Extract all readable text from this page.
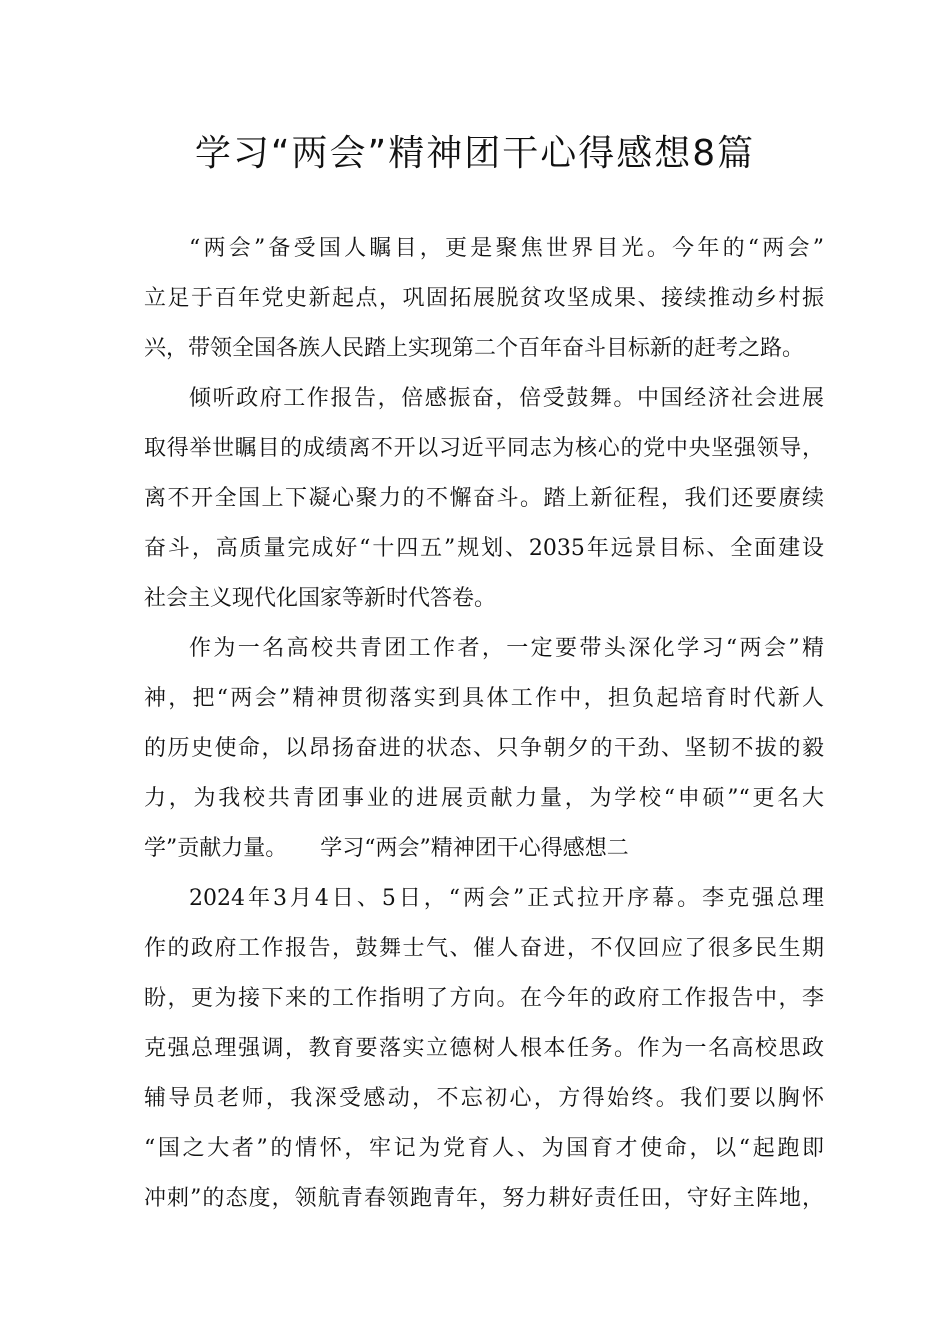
学习“两会”精神团干心得感想8篇
“两会”备受国人瞩目，更是聚焦世界目光。今年的“两会”
立足于百年党史新起点，巩固拓展脱贫攻坚成果、接续推动乡村振
兴，带领全国各族人民踏上实现第二个百年奋斗目标新的赶考之路。
倾听政府工作报告，倍感振奋，倍受鼓舞。中国经济社会进展
取得举世瞩目的成绩离不开以习近平同志为核心的党中央坚强领导，
离不开全国上下凝心聚力的不懈奋斗。踏上新征程，我们还要赓续
奋斗，高质量完成好“十四五”规划、2035年远景目标、全面建设
社会主义现代化国家等新时代答卷。
作为一名高校共青团工作者，一定要带头深化学习“两会”精
神，把“两会”精神贯彻落实到具体工作中，担负起培育时代新人
的历史使命，以昂扬奋进的状态、只争朝夕的干劲、坚韧不拔的毅
力，为我校共青团事业的进展贡献力量，为学校“申硕”“更名大
学”贡献力量。　　学习“两会”精神团干心得感想二
2024年3月4日、5日，“两会”正式拉开序幕。李克强总理
作的政府工作报告，鼓舞士气、催人奋进，不仅回应了很多民生期
盼，更为接下来的工作指明了方向。在今年的政府工作报告中，李
克强总理强调，教育要落实立德树人根本任务。作为一名高校思政
辅导员老师，我深受感动，不忘初心，方得始终。我们要以胸怀
“国之大者”的情怀，牢记为党育人、为国育才使命，以“起跑即
冲刺”的态度，领航青春领跑青年，努力耕好责任田，守好主阵地，
